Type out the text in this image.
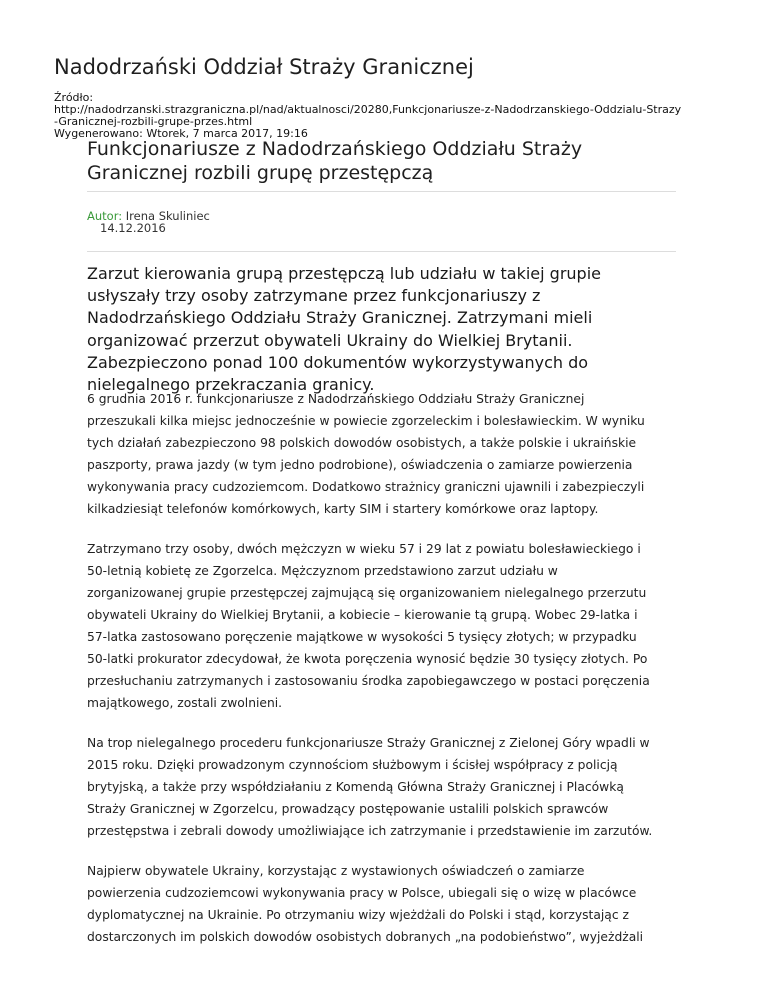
Nadodrzański Oddział Straży Granicznej
Źródło:
http://nadodrzanski.strazgraniczna.pl/nad/aktualnosci/20280,Funkcjonariusze-z-Nadodrzanskiego-Oddzialu-Strazy
-Granicznej-rozbili-grupe-przes.html
Wygenerowano: Wtorek, 7 marca 2017, 19:16
Funkcjonariusze z Nadodrzańskiego Oddziału Straży Granicznej rozbili grupę przestępczą
Autor: Irena Skuliniec
14.12.2016

Zarzut kierowania grupą przestępczą lub udziału w takiej grupie usłyszały trzy osoby zatrzymane przez funkcjonariuszy z Nadodrzańskiego Oddziału Straży Granicznej. Zatrzymani mieli organizować przerzut obywateli Ukrainy do Wielkiej Brytanii. Zabezpieczono ponad 100 dokumentów wykorzystywanych do nielegalnego przekraczania granicy.

6 grudnia 2016 r. funkcjonariusze z Nadodrzańskiego Oddziału Straży Granicznej
przeszukali kilka miejsc jednocześnie w powiecie zgorzeleckim i bolesławieckim. W wyniku
tych działań zabezpieczono 98 polskich dowodów osobistych, a także polskie i ukraińskie
paszporty, prawa jazdy (w tym jedno podrobione), oświadczenia o zamiarze powierzenia
wykonywania pracy cudzoziemcom. Dodatkowo strażnicy graniczni ujawnili i zabezpieczyli
kilkadziesiąt telefonów komórkowych, karty SIM i startery komórkowe oraz laptopy.

Zatrzymano trzy osoby, dwóch mężczyzn w wieku 57 i 29 lat z powiatu bolesławieckiego i
50-letnią kobietę ze Zgorzelca. Mężczyznom przedstawiono zarzut udziału w
zorganizowanej grupie przestępczej zajmującą się organizowaniem nielegalnego przerzutu
obywateli Ukrainy do Wielkiej Brytanii, a kobiecie – kierowanie tą grupą. Wobec 29-latka i
57-latka zastosowano poręczenie majątkowe w wysokości 5 tysięcy złotych; w przypadku
50-latki prokurator zdecydował, że kwota poręczenia wynosić będzie 30 tysięcy złotych. Po
przesłuchaniu zatrzymanych i zastosowaniu środka zapobiegawczego w postaci poręczenia
majątkowego, zostali zwolnieni.

Na trop nielegalnego procederu funkcjonariusze Straży Granicznej z Zielonej Góry wpadli w
2015 roku. Dzięki prowadzonym czynnościom służbowym i ścisłej współpracy z policją
brytyjską, a także przy współdziałaniu z Komendą Główna Straży Granicznej i Placówką
Straży Granicznej w Zgorzelcu, prowadzący postępowanie ustalili polskich sprawców
przestępstwa i zebrali dowody umożliwiające ich zatrzymanie i przedstawienie im zarzutów.

Najpierw obywatele Ukrainy, korzystając z wystawionych oświadczeń o zamiarze
powierzenia cudzoziemcowi wykonywania pracy w Polsce, ubiegali się o wizę w placówce
dyplomatycznej na Ukrainie. Po otrzymaniu wizy wjeżdżali do Polski i stąd, korzystając z
dostarczonych im polskich dowodów osobistych dobranych „na podobieństwo”, wyjeżdżali
